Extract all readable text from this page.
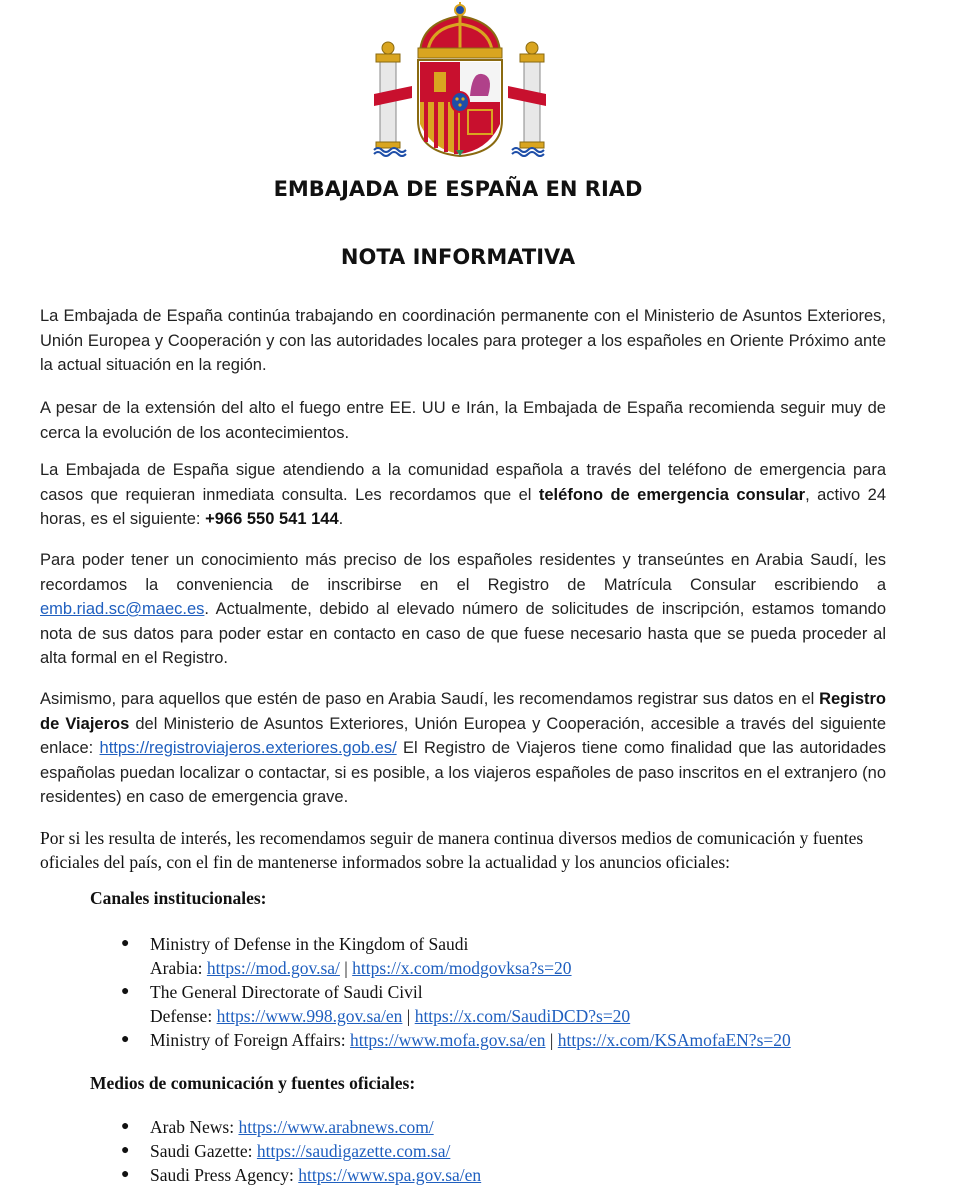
EMBAJADA DE ESPAÑA EN RIAD
NOTA INFORMATIVA

La Embajada de España continúa trabajando en coordinación permanente con el Ministerio de Asuntos Exteriores, Unión Europea y Cooperación y con las autoridades locales para proteger a los españoles en Oriente Próximo ante la actual situación en la región.

A pesar de la extensión del alto el fuego entre EE. UU e Irán, la Embajada de España recomienda seguir muy de cerca la evolución de los acontecimientos.

La Embajada de España sigue atendiendo a la comunidad española a través del teléfono de emergencia para casos que requieran inmediata consulta. Les recordamos que el teléfono de emergencia consular, activo 24 horas, es el siguiente: +966 550 541 144.

Para poder tener un conocimiento más preciso de los españoles residentes y transeúntes en Arabia Saudí, les recordamos la conveniencia de inscribirse en el Registro de Matrícula Consular escribiendo a emb.riad.sc@maec.es. Actualmente, debido al elevado número de solicitudes de inscripción, estamos tomando nota de sus datos para poder estar en contacto en caso de que fuese necesario hasta que se pueda proceder al alta formal en el Registro.

Asimismo, para aquellos que estén de paso en Arabia Saudí, les recomendamos registrar sus datos en el Registro de Viajeros del Ministerio de Asuntos Exteriores, Unión Europea y Cooperación, accesible a través del siguiente enlace: https://registroviajeros.exteriores.gob.es/ El Registro de Viajeros tiene como finalidad que las autoridades españolas puedan localizar o contactar, si es posible, a los viajeros españoles de paso inscritos en el extranjero (no residentes) en caso de emergencia grave.

Por si les resulta de interés, les recomendamos seguir de manera continua diversos medios de comunicación y fuentes oficiales del país, con el fin de mantenerse informados sobre la actualidad y los anuncios oficiales:

Canales institucionales:

● Ministry of Defense in the Kingdom of Saudi
Arabia: https://mod.gov.sa/ | https://x.com/modgovksa?s=20
● The General Directorate of Saudi Civil
Defense: https://www.998.gov.sa/en | https://x.com/SaudiDCD?s=20
● Ministry of Foreign Affairs: https://www.mofa.gov.sa/en | https://x.com/KSAmofaEN?s=20

Medios de comunicación y fuentes oficiales:

● Arab News: https://www.arabnews.com/
● Saudi Gazette: https://saudigazette.com.sa/
● Saudi Press Agency: https://www.spa.gov.sa/en
